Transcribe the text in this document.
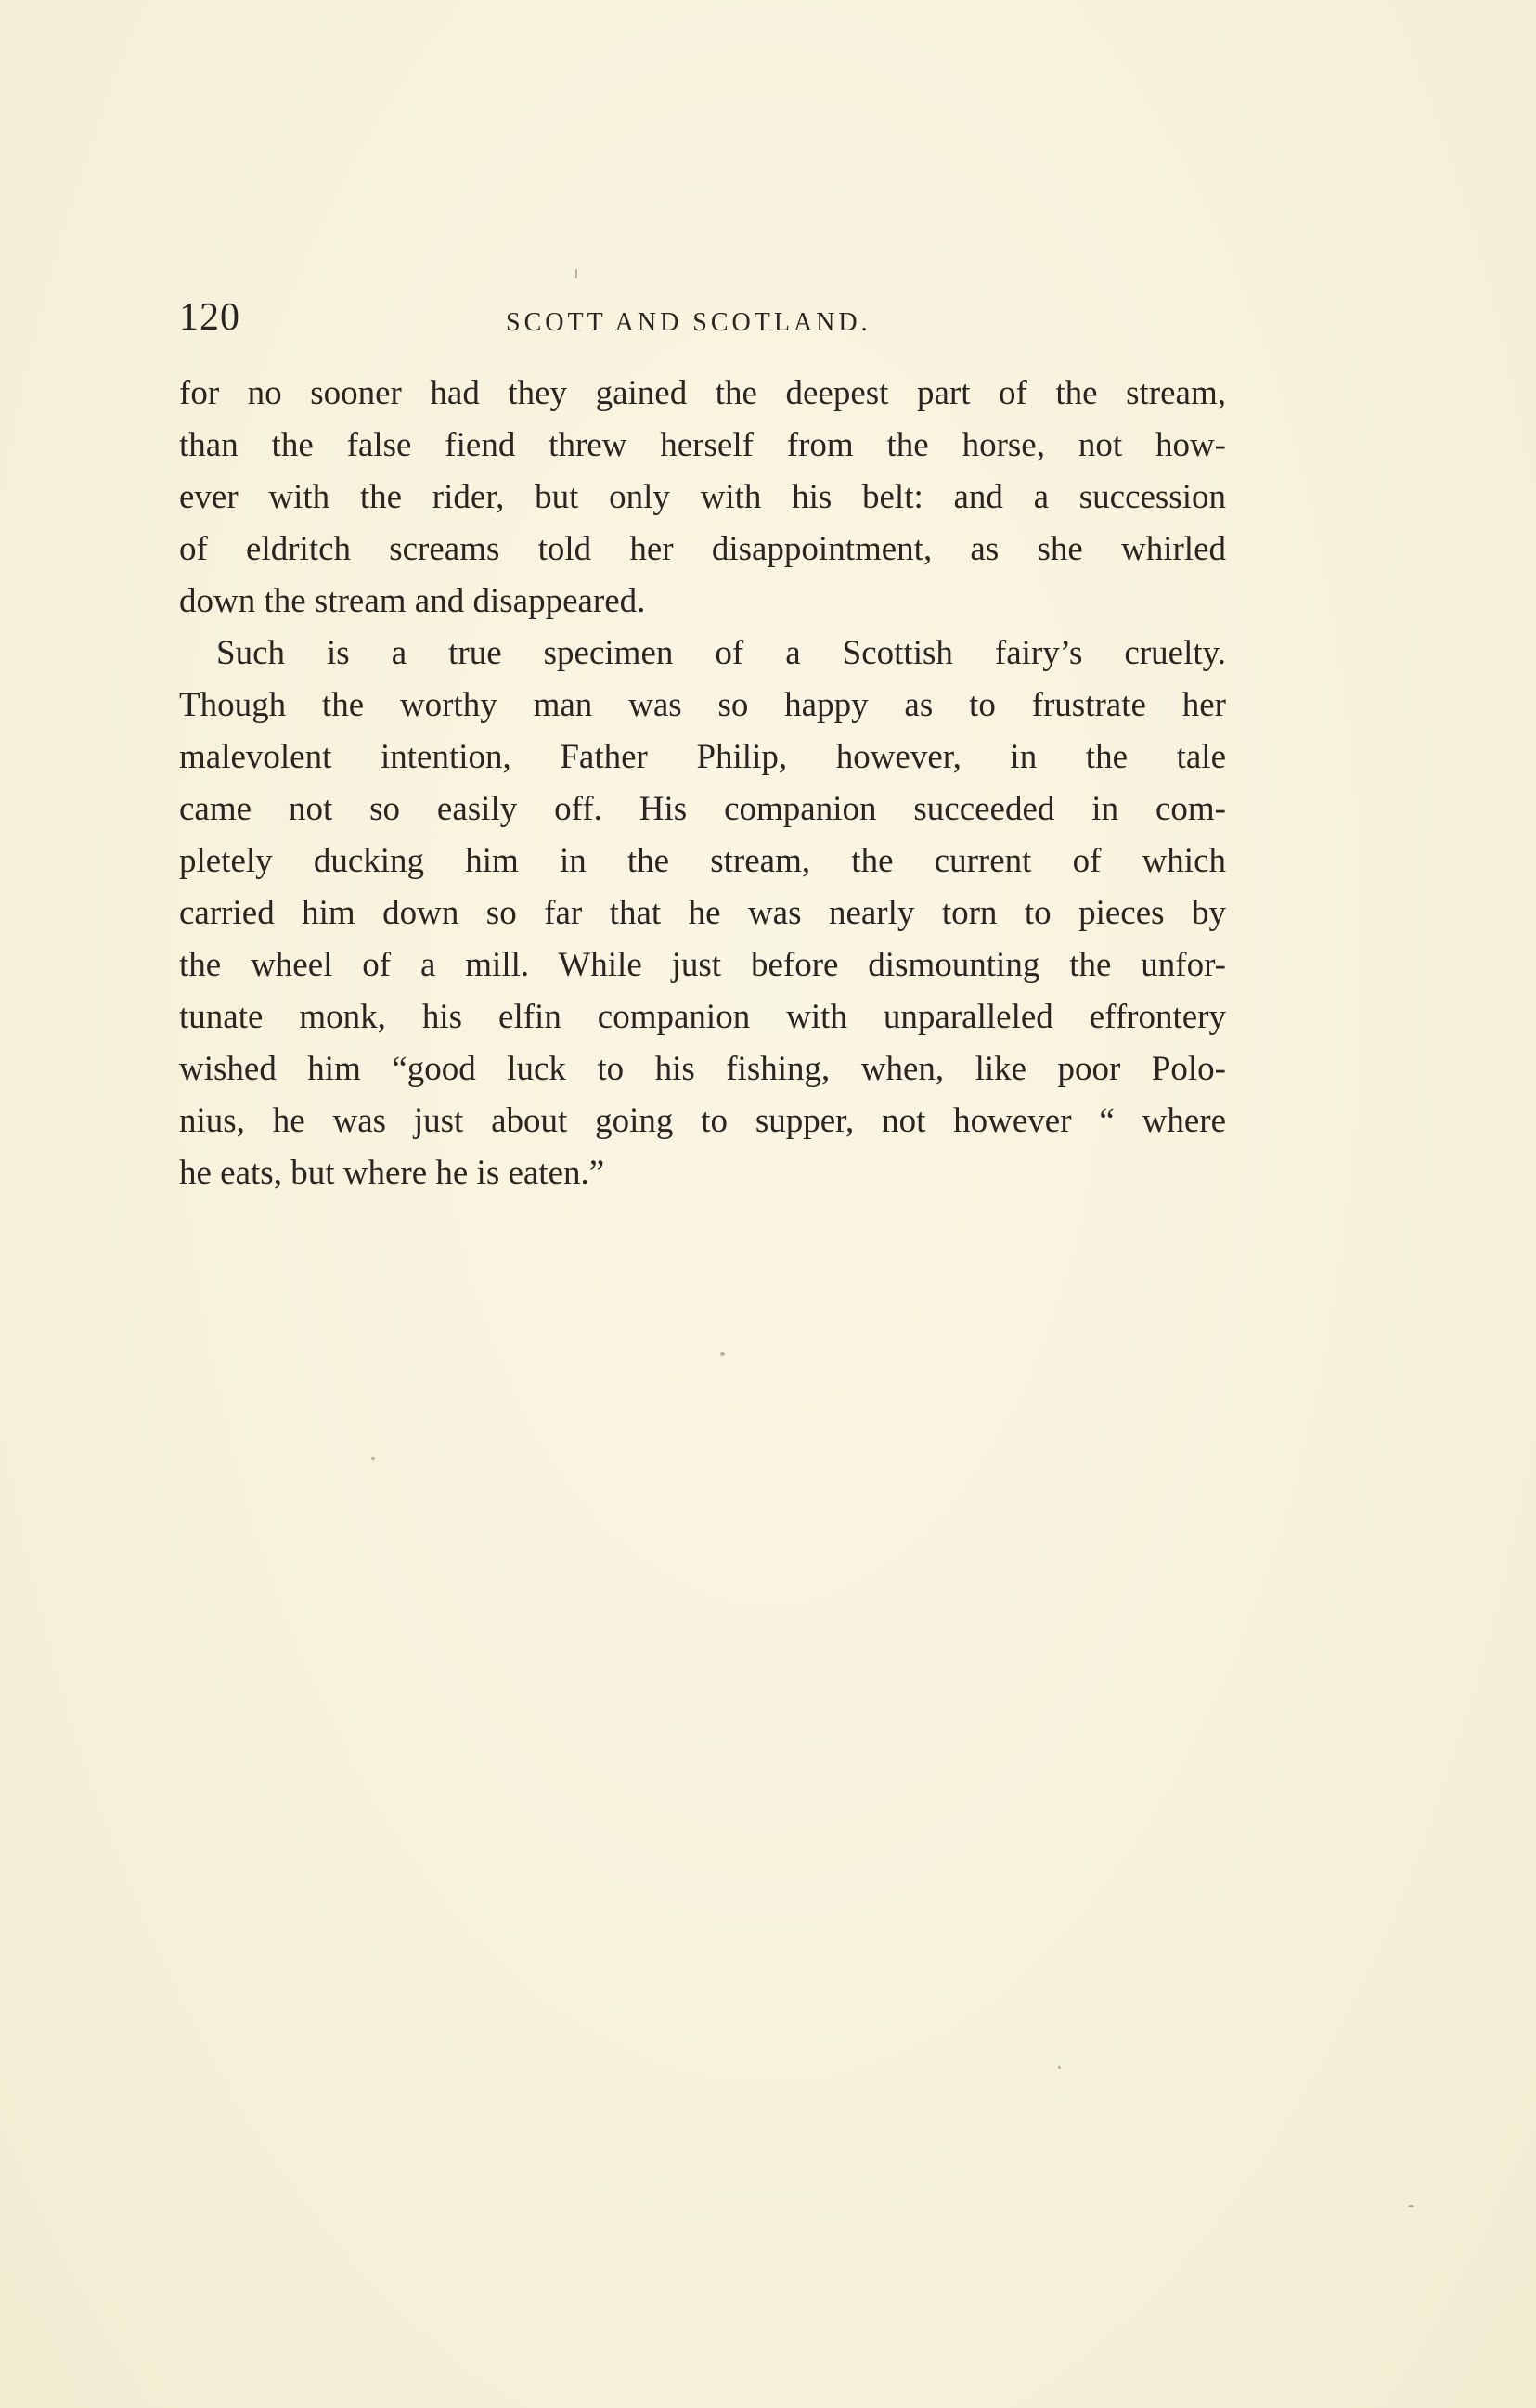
120	SCOTT AND SCOTLAND.
for no sooner had they gained the deepest part of the stream,
than the false fiend threw herself from the horse, not how-
ever with the rider, but only with his belt: and a succession
of eldritch screams told her disappointment, as she whirled
down the stream and disappeared.
Such is a true specimen of a Scottish fairy’s cruelty.
Though the worthy man was so happy as to frustrate her
malevolent intention, Father Philip, however, in the tale
came not so easily off. His companion succeeded in com-
pletely ducking him in the stream, the current of which
carried him down so far that he was nearly torn to pieces by
the wheel of a mill. While just before dismounting the unfor-
tunate monk, his elfin companion with unparalleled effrontery
wished him “good luck to his fishing, when, like poor Polo-
nius, he was just about going to supper, not however “ where
he eats, but where he is eaten.”
